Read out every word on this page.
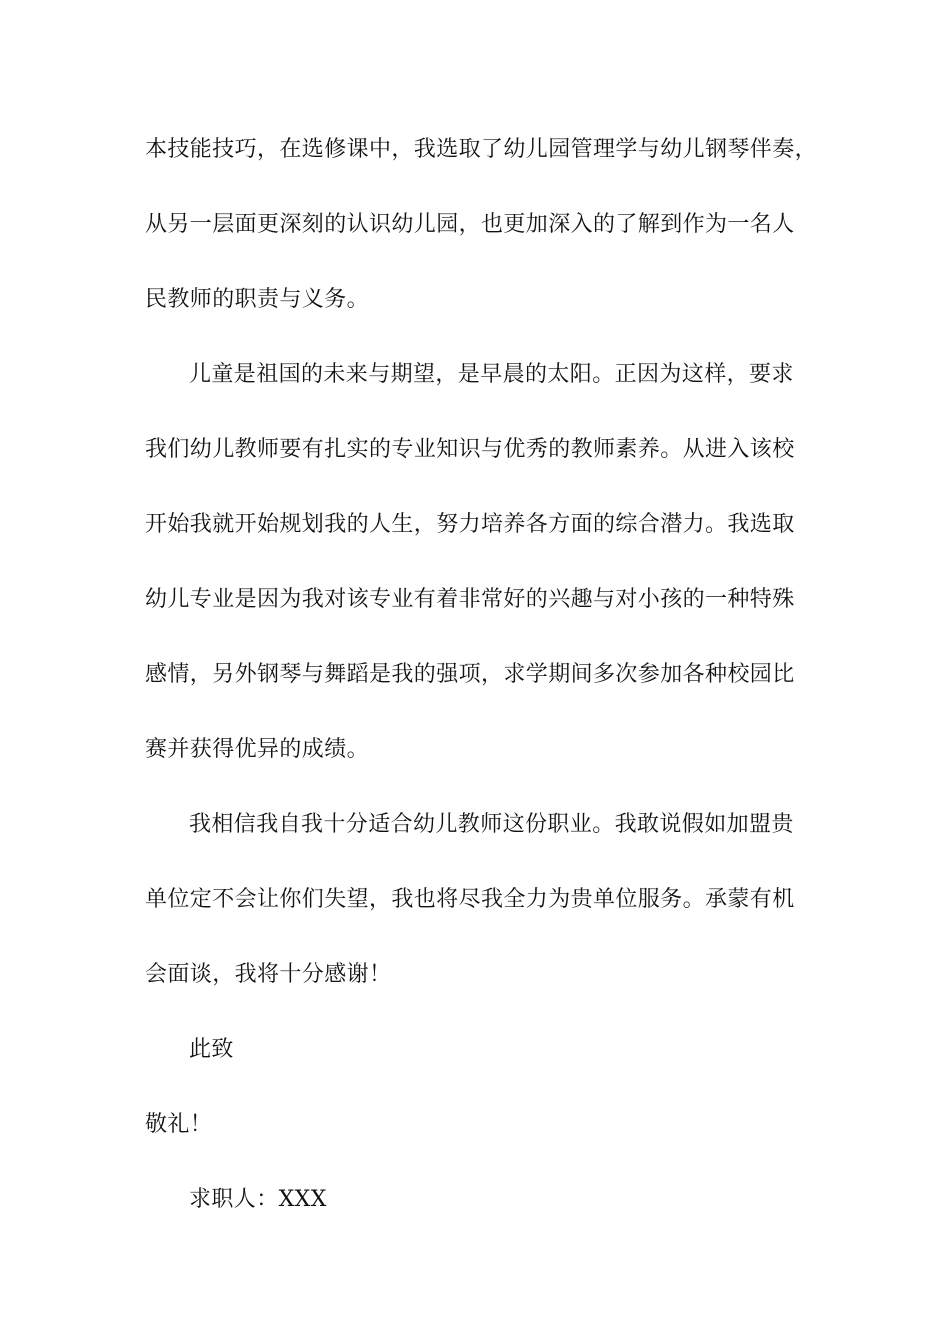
本技能技巧，在选修课中，我选取了幼儿园管理学与幼儿钢琴伴奏，
从另一层面更深刻的认识幼儿园，也更加深入的了解到作为一名人
民教师的职责与义务。
儿童是祖国的未来与期望，是早晨的太阳。正因为这样，要求
我们幼儿教师要有扎实的专业知识与优秀的教师素养。从进入该校
开始我就开始规划我的人生，努力培养各方面的综合潜力。我选取
幼儿专业是因为我对该专业有着非常好的兴趣与对小孩的一种特殊
感情，另外钢琴与舞蹈是我的强项，求学期间多次参加各种校园比
赛并获得优异的成绩。
我相信我自我十分适合幼儿教师这份职业。我敢说假如加盟贵
单位定不会让你们失望，我也将尽我全力为贵单位服务。承蒙有机
会面谈，我将十分感谢！
此致
敬礼！
求职人：XXX
